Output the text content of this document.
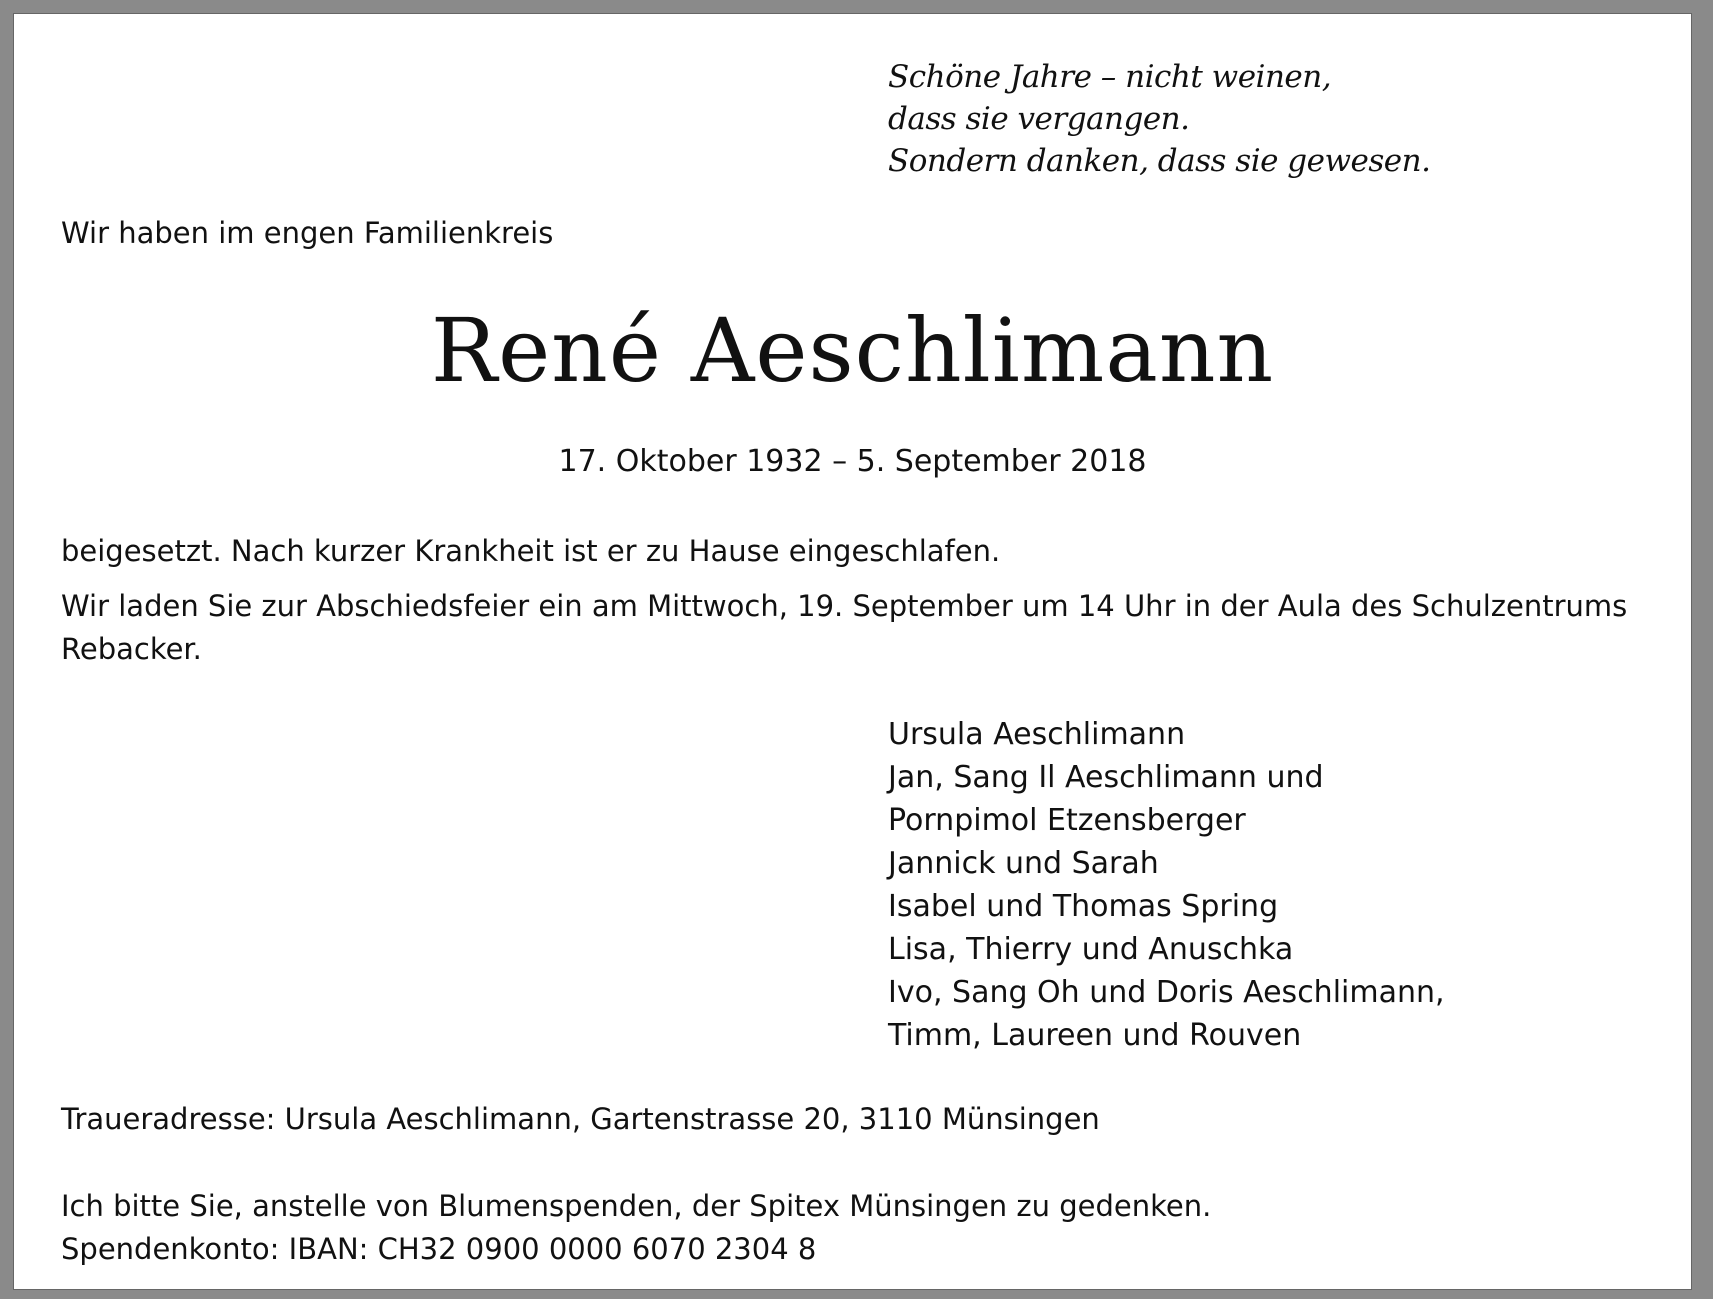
Schöne Jahre – nicht weinen,
dass sie vergangen.
Sondern danken, dass sie gewesen.
Wir haben im engen Familienkreis
René Aeschlimann
17. Oktober 1932 – 5. September 2018
beigesetzt. Nach kurzer Krankheit ist er zu Hause eingeschlafen.
Wir laden Sie zur Abschiedsfeier ein am Mittwoch, 19. September um 14 Uhr in der Aula des Schulzentrums
Rebacker.
Ursula Aeschlimann
Jan, Sang Il Aeschlimann und
Pornpimol Etzensberger
Jannick und Sarah
Isabel und Thomas Spring
Lisa, Thierry und Anuschka
Ivo, Sang Oh und Doris Aeschlimann,
Timm, Laureen und Rouven
Traueradresse: Ursula Aeschlimann, Gartenstrasse 20, 3110 Münsingen
Ich bitte Sie, anstelle von Blumenspenden, der Spitex Münsingen zu gedenken.
Spendenkonto: IBAN: CH32 0900 0000 6070 2304 8
